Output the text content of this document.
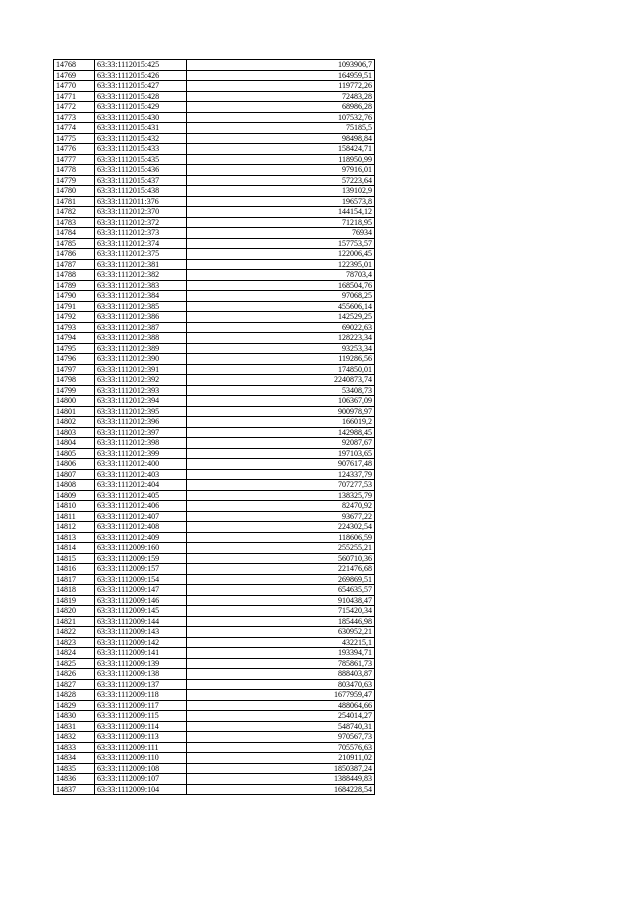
14768	63:33:1112015:425	1093906,7
14769	63:33:1112015:426	164959,51
14770	63:33:1112015:427	119772,26
14771	63:33:1112015:428	72483,28
14772	63:33:1112015:429	68986,28
14773	63:33:1112015:430	107532,76
14774	63:33:1112015:431	75185,5
14775	63:33:1112015:432	98498,84
14776	63:33:1112015:433	158424,71
14777	63:33:1112015:435	118950,99
14778	63:33:1112015:436	97916,01
14779	63:33:1112015:437	57223,64
14780	63:33:1112015:438	139102,9
14781	63:33:1112011:376	196573,8
14782	63:33:1112012:370	144154,12
14783	63:33:1112012:372	71218,95
14784	63:33:1112012:373	76934
14785	63:33:1112012:374	157753,57
14786	63:33:1112012:375	122006,45
14787	63:33:1112012:381	122395,01
14788	63:33:1112012:382	78703,4
14789	63:33:1112012:383	168504,76
14790	63:33:1112012:384	97068,25
14791	63:33:1112012:385	455606,14
14792	63:33:1112012:386	142529,25
14793	63:33:1112012:387	69022,63
14794	63:33:1112012:388	128223,34
14795	63:33:1112012:389	93253,34
14796	63:33:1112012:390	119286,56
14797	63:33:1112012:391	174850,01
14798	63:33:1112012:392	2240873,74
14799	63:33:1112012:393	53408,73
14800	63:33:1112012:394	106367,09
14801	63:33:1112012:395	900978,97
14802	63:33:1112012:396	166019,2
14803	63:33:1112012:397	142988,45
14804	63:33:1112012:398	92087,67
14805	63:33:1112012:399	197103,65
14806	63:33:1112012:400	907617,48
14807	63:33:1112012:403	124337,79
14808	63:33:1112012:404	707277,53
14809	63:33:1112012:405	138325,79
14810	63:33:1112012:406	82470,92
14811	63:33:1112012:407	93677,22
14812	63:33:1112012:408	224302,54
14813	63:33:1112012:409	118606,59
14814	63:33:1112009:160	255255,21
14815	63:33:1112009:159	560710,36
14816	63:33:1112009:157	221476,68
14817	63:33:1112009:154	269869,51
14818	63:33:1112009:147	654635,57
14819	63:33:1112009:146	910438,47
14820	63:33:1112009:145	715420,34
14821	63:33:1112009:144	185446,98
14822	63:33:1112009:143	630952,21
14823	63:33:1112009:142	432215,1
14824	63:33:1112009:141	193394,71
14825	63:33:1112009:139	785861,73
14826	63:33:1112009:138	888403,87
14827	63:33:1112009:137	803470,63
14828	63:33:1112009:118	1677959,47
14829	63:33:1112009:117	488064,66
14830	63:33:1112009:115	254014,27
14831	63:33:1112009:114	548740,31
14832	63:33:1112009:113	970567,73
14833	63:33:1112009:111	705576,63
14834	63:33:1112009:110	210911,02
14835	63:33:1112009:108	1850387,24
14836	63:33:1112009:107	1388449,83
14837	63:33:1112009:104	1684228,54
